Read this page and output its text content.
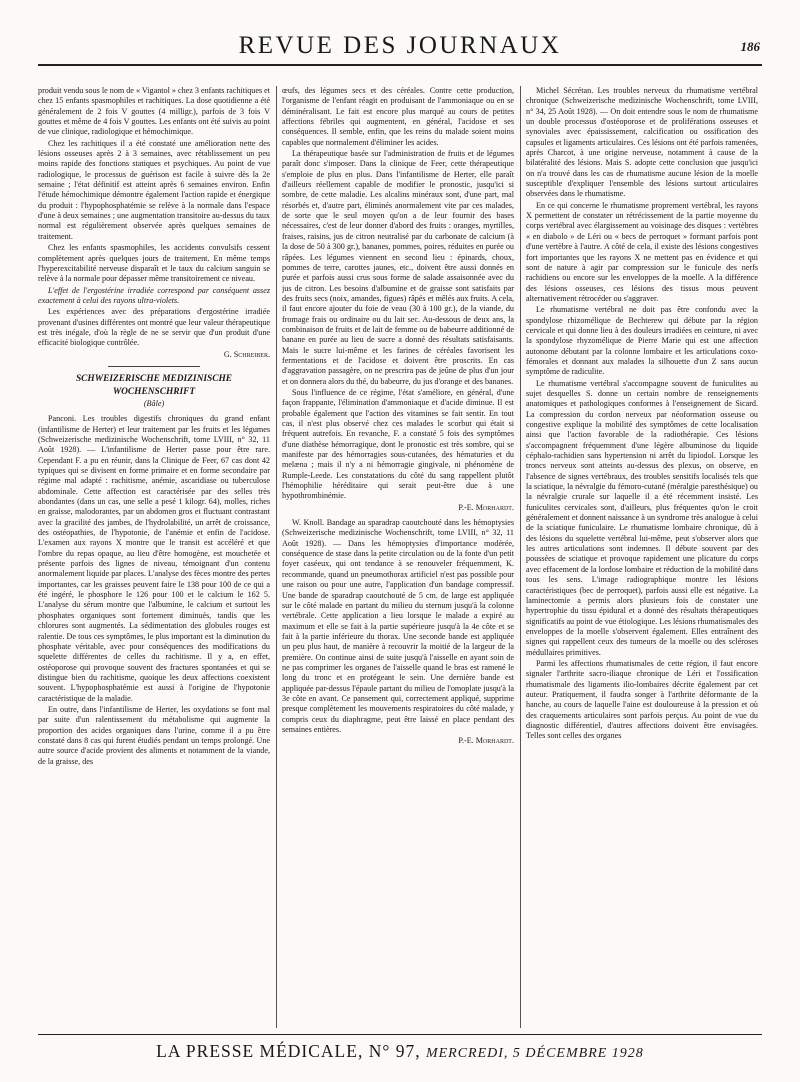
REVUE DES JOURNAUX	186

produit vendu sous le nom de « Vigantol » chez 3 enfants rachitiques et chez 15 enfants spasmophiles et rachitiques. La dose quotidienne a été généralement de 2 fois V gouttes (4 milligr.), parfois de 3 fois V gouttes et même de 4 fois V gouttes. Les enfants ont été suivis au point de vue clinique, radiologique et hémochimique.

Chez les rachitiques il a été constaté une amélioration nette des lésions osseuses après 2 à 3 semaines, avec rétablissement un peu moins rapide des fonctions statiques et psychiques. Au point de vue radiologique, le processus de guérison est facile à suivre dès la 2e semaine ; l'état définitif est atteint après 6 semaines environ. Enfin l'étude hémochimique démontre également l'action rapide et énergique du produit : l'hypophosphatémie se relève à la normale dans l'espace d'une à deux semaines ; une augmentation transitoire au-dessus du taux normal est régulièrement observée après quelques semaines de traitement.

Chez les enfants spasmophiles, les accidents convulsifs cessent complètement après quelques jours de traitement. En même temps l'hyperexcitabilité nerveuse disparaît et le taux du calcium sanguin se relève à la normale pour dépasser même transitoirement ce niveau.

L'effet de l'ergostérine irradiée correspond par conséquent assez exactement à celui des rayons ultra-violets.

Les expériences avec des préparations d'ergostérine irradiée provenant d'usines différentes ont montré que leur valeur thérapeutique est très inégale, d'où la règle de ne se servir que d'un produit d'une efficacité biologique contrôlée.

G. Schreiber.

SCHWEIZERISCHE MEDIZINISCHE WOCHENSCHRIFT

(Bâle)

Panconi. Les troubles digestifs chroniques du grand enfant (infantilisme de Herter) et leur traitement par les fruits et les légumes (Schweizerische medizinische Wochenschrift, tome LVIII, n° 32, 11 Août 1928). — L'infantilisme de Herter passe pour être rare. Cependant F. a pu en réunir, dans la Clinique de Feer, 67 cas dont 42 typiques qui se divisent en forme primaire et en forme secondaire par régime mal adapté : rachitisme, anémie, ascaridiase ou tuberculose abdominale. Cette affection est caractérisée par des selles très abondantes (dans un cas, une selle a pesé 1 kilogr. 64), molles, riches en graisse, malodorantes, par un abdomen gros et fluctuant contrastant avec la gracilité des jambes, de l'hydrolabilité, un arrêt de croissance, des ostéopathies, de l'hypotonie, de l'anémie et enfin de l'acidose. L'examen aux rayons X montre que le transit est accéléré et que l'ombre du repas opaque, au lieu d'être homogène, est mouchetée et présente parfois des lignes de niveau, témoignant d'un contenu anormalement liquide par places. L'analyse des fèces montre des pertes importantes, car les graisses peuvent faire le 138 pour 100 de ce qui a été ingéré, le phosphore le 126 pour 100 et le calcium le 162 5. L'analyse du sérum montre que l'albumine, le calcium et surtout les phosphates organiques sont fortement diminués, tandis que les chlorures sont augmentés. La sédimentation des globules rouges est ralentie. De tous ces symptômes, le plus important est la diminution du phosphate véritable, avec pour conséquences des modifications du squelette différentes de celles du rachitisme. Il y a, en effet, ostéoporose qui provoque souvent des fractures spontanées et qui se distingue bien du rachitisme, quoique les deux affections coexistent souvent. L'hypophosphatémie est aussi à l'origine de l'hypotonie caractéristique de la maladie.

En outre, dans l'infantilisme de Herter, les oxydations se font mal par suite d'un ralentissement du métabolisme qui augmente la proportion des acides organiques dans l'urine, comme il a pu être constaté dans 8 cas qui furent étudiés pendant un temps prolongé. Une autre source d'acide provient des aliments et notamment de la viande, de la graisse, des

œufs, des légumes secs et des céréales. Contre cette production, l'organisme de l'enfant réagit en produisant de l'ammoniaque ou en se déminéralisant. Le fait est encore plus marqué au cours de petites affections fébriles qui augmentent, en général, l'acidose et ses conséquences. Il semble, enfin, que les reins du malade soient moins capables que normalement d'éliminer les acides.

La thérapeutique basée sur l'administration de fruits et de légumes paraît donc s'imposer. Dans la clinique de Feer, cette thérapeutique s'emploie de plus en plus. Dans l'infantilisme de Herter, elle paraît d'ailleurs réellement capable de modifier le pronostic, jusqu'ici si sombre, de cette maladie. Les alcalins minéraux sont, d'une part, mal résorbés et, d'autre part, éliminés anormalement vite par ces malades, de sorte que le seul moyen qu'on a de leur fournir des bases nécessaires, c'est de leur donner d'abord des fruits : oranges, myrtilles, fraises, raisins, jus de citron neutralisé par du carbonate de calcium (à la dose de 50 à 300 gr.), bananes, pommes, poires, réduites en purée ou râpées. Les légumes viennent en second lieu : épinards, choux, pommes de terre, carottes jaunes, etc., doivent être aussi donnés en purée et parfois aussi crus sous forme de salade assaisonnée avec du jus de citron. Les besoins d'albumine et de graisse sont satisfaits par des fruits secs (noix, amandes, figues) râpés et mêlés aux fruits. A cela, il faut encore ajouter du foie de veau (30 à 100 gr.), de la viande, du fromage frais ou ordinaire ou du lait sec. Au-dessous de deux ans, la combinaison de fruits et de lait de femme ou de babeurre additionné de banane en purée au lieu de sucre a donné des résultats satisfaisants. Mais le sucre lui-même et les farines de céréales favorisent les fermentations et de l'acidose et doivent être proscrits. En cas d'aggravation passagère, on ne prescrira pas de jeûne de plus d'un jour et on donnera alors du thé, du babeurre, du jus d'orange et des bananes.

Sous l'influence de ce régime, l'état s'améliore, en général, d'une façon frappante, l'élimination d'ammoniaque et d'acide diminue. Il est probable également que l'action des vitamines se fait sentir. En tout cas, il n'est plus observé chez ces malades le scorbut qui était si fréquent autrefois. En revanche, F. a constaté 5 fois des symptômes d'une diathèse hémorragique, dont le pronostic est très sombre, qui se manifeste par des hémorragies sous-cutanées, des hématuries et du melæna ; mais il n'y a ni hémorragie gingivale, ni phénomène de Rumple-Leede. Les constatations du côté du sang rappellent plutôt l'hémophilie héréditaire qui serait peut-être due à une hypothrombinémie.

P.-E. Morhardt.

W. Knoll. Bandage au sparadrap caoutchouté dans les hémoptysies (Schweizerische medizinische Wochenschrift, tome LVIII, n° 32, 11 Août 1928). — Dans les hémoptysies d'importance modérée, conséquence de stase dans la petite circulation ou de la fonte d'un petit foyer caséeux, qui ont tendance à se renouveler fréquemment, K. recommande, quand un pneumothorax artificiel n'est pas possible pour une raison ou pour une autre, l'application d'un bandage compressif. Une bande de sparadrap caoutchouté de 5 cm. de large est appliquée sur le côté malade en partant du milieu du sternum jusqu'à la colonne vertébrale. Cette application a lieu lorsque le malade a expiré au maximum et elle se fait à la partie supérieure jusqu'à la 4e côte et se fait à la partie inférieure du thorax. Une seconde bande est appliquée un peu plus haut, de manière à recouvrir la moitié de la largeur de la première. On continue ainsi de suite jusqu'à l'aisselle en ayant soin de ne pas comprimer les organes de l'aisselle quand le bras est ramené le long du tronc et en protégeant le sein. Une dernière bande est appliquée par-dessus l'épaule partant du milieu de l'omoplate jusqu'à la 3e côte en avant. Ce pansement qui, correctement appliqué, supprime presque complètement les mouvements respiratoires du côté malade, y compris ceux du diaphragme, peut être laissé en place pendant des semaines entières.

P.-E. Morhardt.

Michel Sécrétan. Les troubles nerveux du rhumatisme vertébral chronique (Schweizerische medizinische Wochenschrift, tome LVIII, n° 34, 25 Août 1928). — On doit entendre sous le nom de rhumatisme un double processus d'ostéoporose et de proliférations osseuses et synoviales avec épaississement, calcification ou ossification des capsules et ligaments articulaires. Ces lésions ont été parfois ramenées, après Charcot, à une origine nerveuse, notamment à cause de la bilatéralité des lésions. Mais S. adopte cette conclusion que jusqu'ici on n'a trouvé dans les cas de rhumatisme aucune lésion de la moelle susceptible d'expliquer l'ensemble des lésions surtout articulaires observées dans le rhumatisme.

En ce qui concerne le rhumatisme proprement vertébral, les rayons X permettent de constater un rétrécissement de la partie moyenne du corps vertébral avec élargissement au voisinage des disques : vertèbres « en diabolo » de Léri ou « becs de perroquet » formant parfois pont d'une vertèbre à l'autre. A côté de cela, il existe des lésions congestives fort importantes que les rayons X ne mettent pas en évidence et qui sont de nature à agir par compression sur le funicule des nerfs rachidiens ou encore sur les enveloppes de la moelle. A la différence des lésions osseuses, ces lésions des tissus mous peuvent alternativement rétrocéder ou s'aggraver.

Le rhumatisme vertébral ne doit pas être confondu avec la spondylose rhizomélique de Bechterew qui débute par la région cervicale et qui donne lieu à des douleurs irradiées en ceinture, ni avec la spondylose rhyzomélique de Pierre Marie qui est une affection autonome débutant par la colonne lombaire et les articulations coxo-fémorales et donnant aux malades la silhouette d'un Z sans aucun symptôme de radiculite.

Le rhumatisme vertébral s'accompagne souvent de funiculites au sujet desquelles S. donne un certain nombre de renseignements anatomiques et pathologiques conformes à l'enseignement de Sicard. La compression du cordon nerveux par néoformation osseuse ou congestive explique la mobilité des symptômes de cette localisation ainsi que l'action favorable de la radiothérapie. Ces lésions s'accompagnent fréquemment d'une légère albuminose du liquide céphalo-rachidien sans hypertension ni arrêt du lipiodol. Lorsque les troncs nerveux sont atteints au-dessus des plexus, on observe, en l'absence de signes vertébraux, des troubles sensitifs localisés tels que la sciatique, la névralgie du fémoro-cutané (méralgie paresthésique) ou la névralgie crurale sur laquelle il a été récemment insisté. Les funiculites cervicales sont, d'ailleurs, plus fréquentes qu'on le croit généralement et donnent naissance à un syndrome très analogue à celui de la sciatique funiculaire. Le rhumatisme lombaire chronique, dû à des lésions du squelette vertébral lui-même, peut s'observer alors que les autres articulations sont indemnes. Il débute souvent par des poussées de sciatique et provoque rapidement une plicature du corps avec effacement de la lordose lombaire et réduction de la mobilité dans tous les sens. L'image radiographique montre les lésions caractéristiques (bec de perroquet), parfois aussi elle est négative. La laminectomie a permis alors plusieurs fois de constater une hypertrophie du tissu épidural et a donné des résultats thérapeutiques significatifs au point de vue étiologique. Les lésions rhumatismales des enveloppes de la moelle s'observent également. Elles entraînent des signes qui rappellent ceux des tumeurs de la moelle ou des scléroses médullaires primitives.

Parmi les affections rhumatismales de cette région, il faut encore signaler l'arthrite sacro-iliaque chronique de Léri et l'ossification rhumatismale des ligaments ilio-lombaires décrite également par cet auteur. Pratiquement, il faudra songer à l'arthrite déformante de la hanche, au cours de laquelle l'aine est douloureuse à la pression et où des craquements articulaires sont parfois perçus. Au point de vue du diagnostic différentiel, d'autres affections doivent être envisagées. Telles sont celles des organes

LA PRESSE MÉDICALE, N° 97, MERCREDI, 5 DÉCEMBRE 1928
